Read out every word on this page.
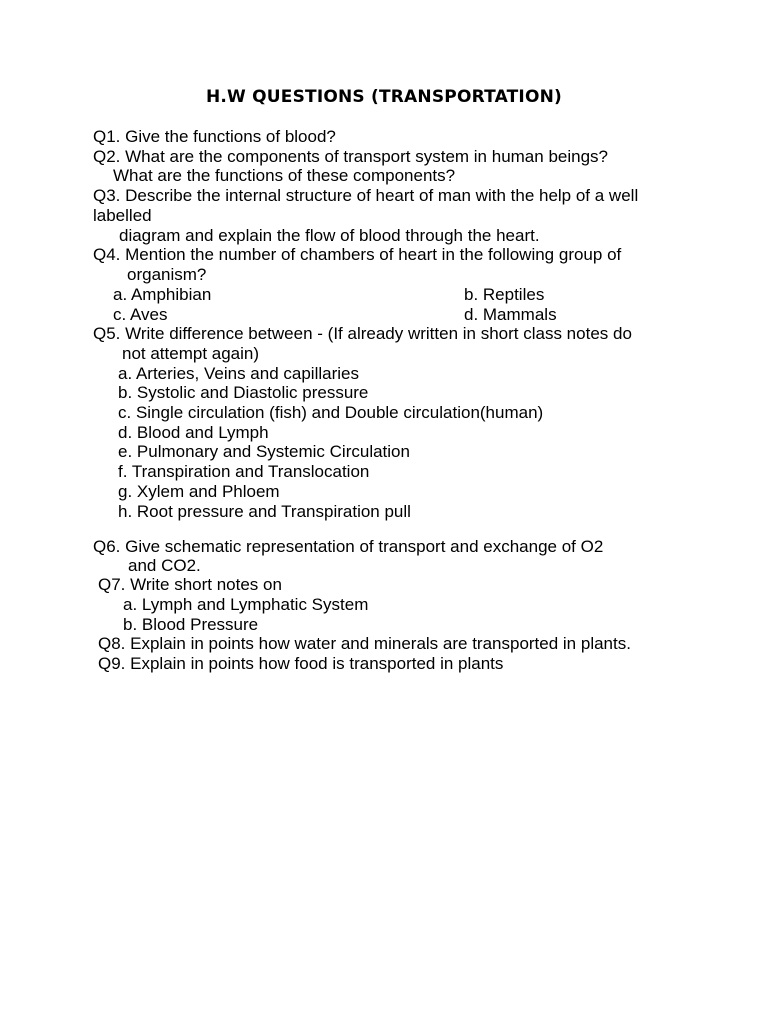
H.W QUESTIONS (TRANSPORTATION)
Q1. Give the functions of blood?
Q2. What are the components of transport system in human beings?
What are the functions of these components?
Q3. Describe the internal structure of heart of man with the help of a well
labelled
diagram and explain the flow of blood through the heart.
Q4. Mention the number of chambers of heart in the following group of
organism?
a. Amphibian	b. Reptiles
c. Aves	d. Mammals
Q5. Write difference between - (If already written in short class notes do
not attempt again)
a. Arteries, Veins and capillaries
b. Systolic and Diastolic pressure
c. Single circulation (fish) and Double circulation(human)
d. Blood and Lymph
e. Pulmonary and Systemic Circulation
f. Transpiration and Translocation
g. Xylem and Phloem
h. Root pressure and Transpiration pull
Q6. Give schematic representation of transport and exchange of O2
and CO2.
Q7. Write short notes on
a. Lymph and Lymphatic System
b. Blood Pressure
Q8. Explain in points how water and minerals are transported in plants.
Q9. Explain in points how food is transported in plants
